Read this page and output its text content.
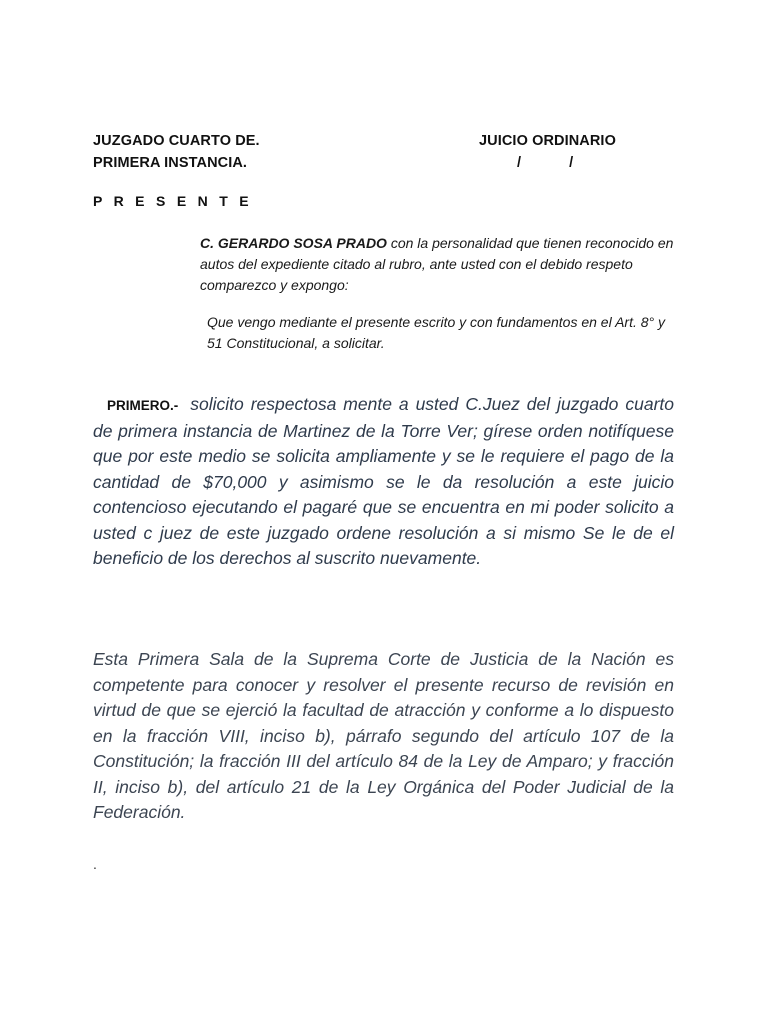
JUZGADO CUARTO DE.
PRIMERA INSTANCIA.
JUICIO ORDINARIO
/	/
P R E S E N T E
C. GERARDO SOSA PRADO con la personalidad que tienen reconocido en autos del expediente citado al rubro, ante usted con el debido respeto comparezco y expongo:
Que vengo mediante el presente escrito y con fundamentos en el Art. 8° y 51 Constitucional, a solicitar.
PRIMERO.- solicito respectosa mente a usted C.Juez del juzgado cuarto de primera instancia de Martinez de la Torre Ver; gírese orden notifíquese que por este medio se solicita ampliamente y se le requiere el pago de la cantidad de $70,000 y asimismo se le da resolución a este juicio contencioso ejecutando el pagaré que se encuentra en mi poder solicito a usted c juez de este juzgado ordene resolución a si mismo Se le de el beneficio de los derechos al suscrito nuevamente.
Esta Primera Sala de la Suprema Corte de Justicia de la Nación es competente para conocer y resolver el presente recurso de revisión en virtud de que se ejerció la facultad de atracción y conforme a lo dispuesto en la fracción VIII, inciso b), párrafo segundo del artículo 107 de la Constitución; la fracción III del artículo 84 de la Ley de Amparo; y fracción II, inciso b), del artículo 21 de la Ley Orgánica del Poder Judicial de la Federación.
.
